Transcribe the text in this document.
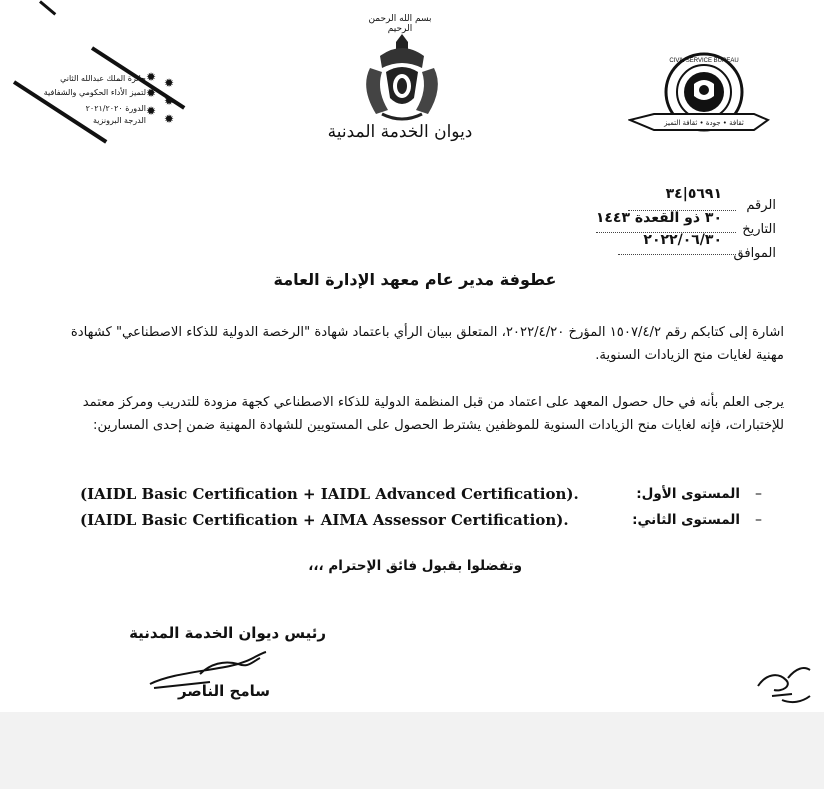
جائزة الملك عبدالله الثاني
لتميز الأداء الحكومي والشفافية
الدورة ٢٠٢١/٢٠٢٠
الدرجة البرونزية
✹
✹
✹
✹
✹
✹
بسم الله الرحمن الرحيم
ديوان الخدمة المدنية
CIVIL SERVICE BUREAU
ثقافة • جودة • ثقافة التميز
الرقم
٥٦٩١|٣٤
التاريخ
٣٠ ذو القعدة ١٤٤٣
الموافق
٢٠٢٢/٠٦/٣٠
عطوفة مدير عام معهد الإدارة العامة
اشارة إلى كتابكم رقم ١٥٠٧/٤/٢ المؤرخ ٢٠٢٢/٤/٢٠، المتعلق ببيان الرأي باعتماد شهادة "الرخصة الدولية للذكاء الاصطناعي" كشهادة مهنية لغايات منح الزيادات السنوية.
يرجى العلم بأنه في حال حصول المعهد على اعتماد من قبل المنظمة الدولية للذكاء الاصطناعي كجهة مزودة للتدريب ومركز معتمد للإختبارات، فإنه لغايات منح الزيادات السنوية للموظفين يشترط الحصول على المستويين للشهادة المهنية ضمن إحدى المسارين:
–
المستوى الأول:
(IAIDL Basic Certification + IAIDL Advanced Certification).
–
المستوى الثاني:
(IAIDL Basic Certification + AIMA Assessor Certification).
وتفضلوا بقبول فائق الإحترام ،،،
رئيس ديوان الخدمة المدنية
سامح الناصر
